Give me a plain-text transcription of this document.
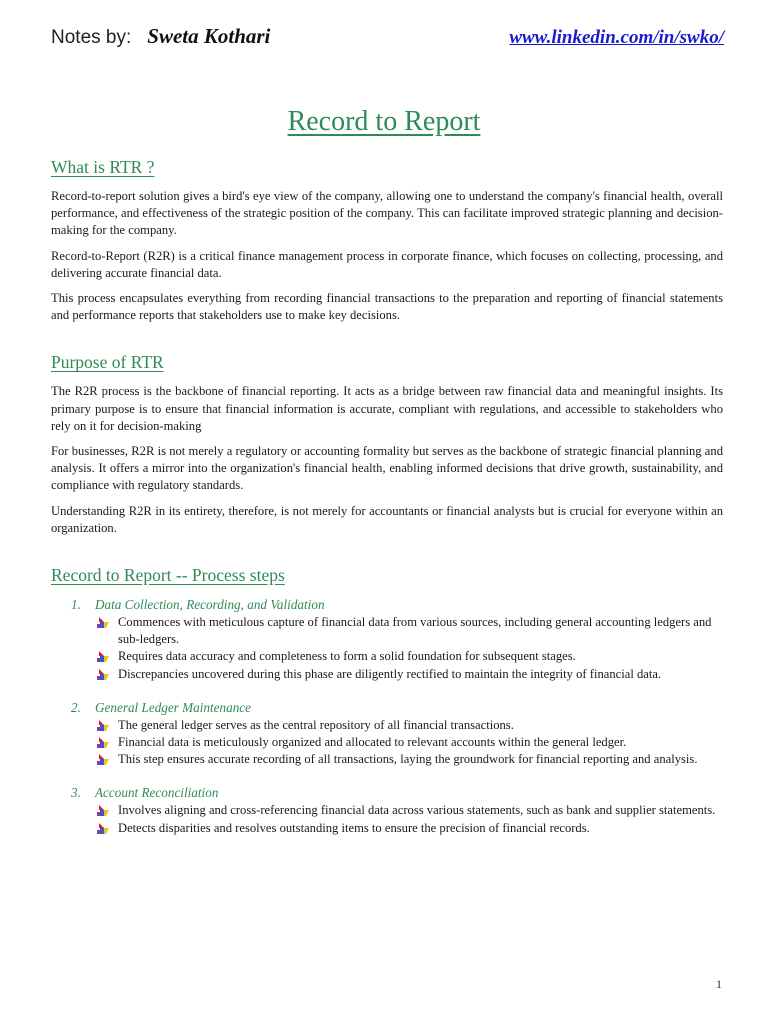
Notes by: Sweta Kothari	www.linkedin.com/in/swko/
Record to Report
What is RTR ?

Record-to-report solution gives a bird's eye view of the company, allowing one to understand the company's financial health, overall performance, and effectiveness of the strategic position of the company. This can facilitate improved strategic planning and decision-making for the company.

Record-to-Report (R2R) is a critical finance management process in corporate finance, which focuses on collecting, processing, and delivering accurate financial data.

This process encapsulates everything from recording financial transactions to the preparation and reporting of financial statements and performance reports that stakeholders use to make key decisions.

Purpose of RTR

The R2R process is the backbone of financial reporting. It acts as a bridge between raw financial data and meaningful insights. Its primary purpose is to ensure that financial information is accurate, compliant with regulations, and accessible to stakeholders who rely on it for decision-making

For businesses, R2R is not merely a regulatory or accounting formality but serves as the backbone of strategic financial planning and analysis. It offers a mirror into the organization's financial health, enabling informed decisions that drive growth, sustainability, and compliance with regulatory standards.

Understanding R2R in its entirety, therefore, is not merely for accountants or financial analysts but is crucial for everyone within an organization.

Record to Report -- Process steps
1. Data Collection, Recording, and Validation
Commences with meticulous capture of financial data from various sources, including general accounting ledgers and sub-ledgers.
Requires data accuracy and completeness to form a solid foundation for subsequent stages.
Discrepancies uncovered during this phase are diligently rectified to maintain the integrity of financial data.
2. General Ledger Maintenance
The general ledger serves as the central repository of all financial transactions.
Financial data is meticulously organized and allocated to relevant accounts within the general ledger.
This step ensures accurate recording of all transactions, laying the groundwork for financial reporting and analysis.
3. Account Reconciliation
Involves aligning and cross-referencing financial data across various statements, such as bank and supplier statements.
Detects disparities and resolves outstanding items to ensure the precision of financial records.
1
